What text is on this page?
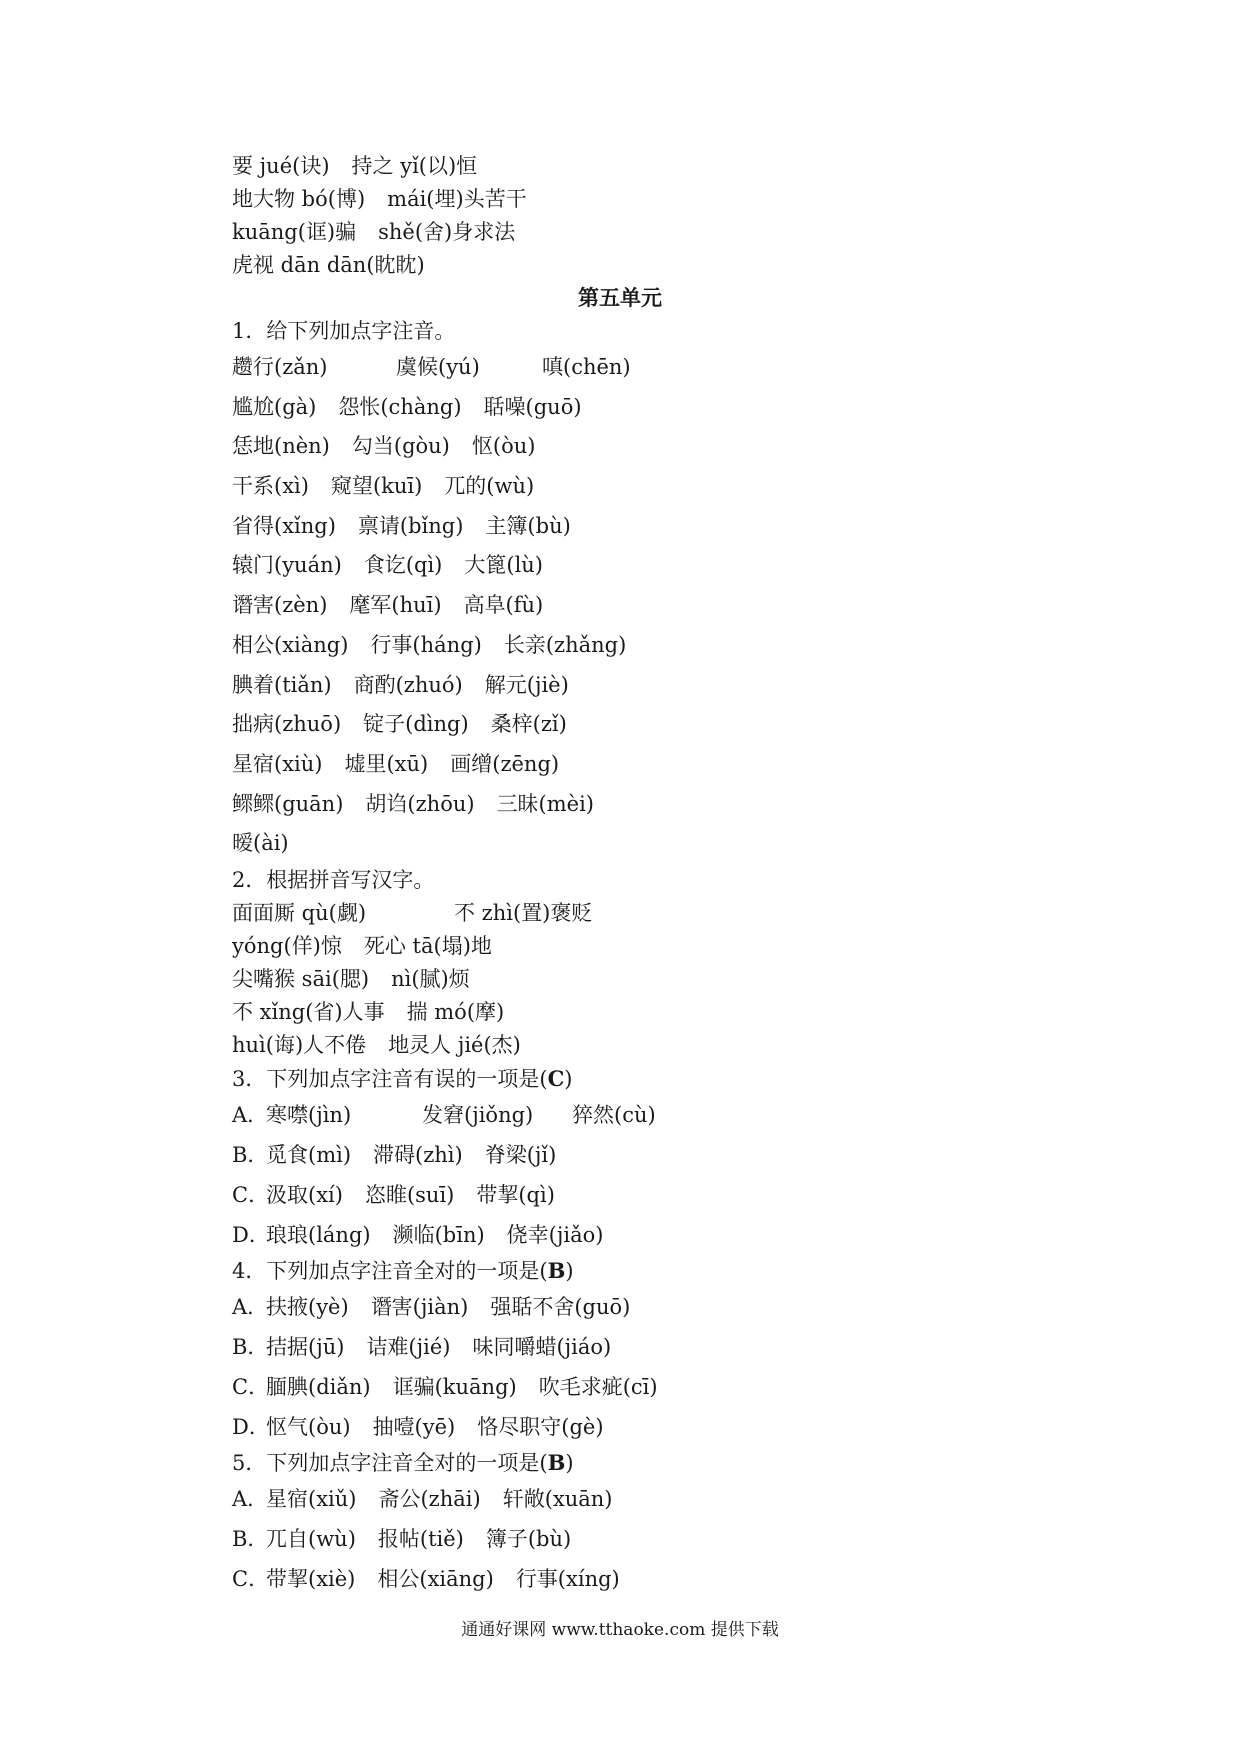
要 jué(诀) 持之 yǐ(以)恒
地大物 bó(博) mái(埋)头苦干
kuāng(诓)骗 shě(舍)身求法
虎视 dān dān(眈眈)
第五单元
1．给下列加点字注音。
趱行(zǎn)	虞候(yú)	嗔(chēn)
尴尬(gà) 怨怅(chàng) 聒噪(guō)
恁地(nèn) 勾当(gòu) 怄(òu)
干系(xì) 窥望(kuī) 兀的(wù)
省得(xǐng) 禀请(bǐng) 主簿(bù)
辕门(yuán) 食讫(qì) 大篦(lù)
谮害(zèn) 麾军(huī) 高阜(fù)
相公(xiàng) 行事(háng) 长亲(zhǎng)
腆着(tiǎn) 商酌(zhuó) 解元(jiè)
拙病(zhuō) 锭子(dìng) 桑梓(zǐ)
星宿(xiù) 墟里(xū) 画缯(zēng)
鳏鳏(guān) 胡诌(zhōu) 三昧(mèi)
暧(ài)
2．根据拼音写汉字。
面面厮 qù(觑)	不 zhì(置)褒贬
yóng(佯)惊 死心 tā(塌)地
尖嘴猴 sāi(腮) nì(腻)烦
不 xǐng(省)人事 揣 mó(摩)
huì(诲)人不倦 地灵人 jié(杰)
3．下列加点字注音有误的一项是(C)
A．寒噤(jìn)	发窘(jiǒng) 猝然(cù)
B．觅食(mì) 滞碍(zhì) 脊梁(jǐ)
C．汲取(xí) 恣睢(suī) 带挈(qì)
D．琅琅(láng) 濒临(bīn) 侥幸(jiǎo)
4．下列加点字注音全对的一项是(B)
A．扶掖(yè) 谮害(jiàn) 强聒不舍(guō)
B．拮据(jū) 诘难(jié) 味同嚼蜡(jiáo)
C．腼腆(diǎn) 诓骗(kuāng) 吹毛求疵(cī)
D．怄气(òu) 抽噎(yē) 恪尽职守(gè)
5．下列加点字注音全对的一项是(B)
A．星宿(xiǔ) 斋公(zhāi) 轩敞(xuān)
B．兀自(wù) 报帖(tiě) 簿子(bù)
C．带挈(xiè) 相公(xiāng) 行事(xíng)
通通好课网 www.tthaoke.com 提供下载
